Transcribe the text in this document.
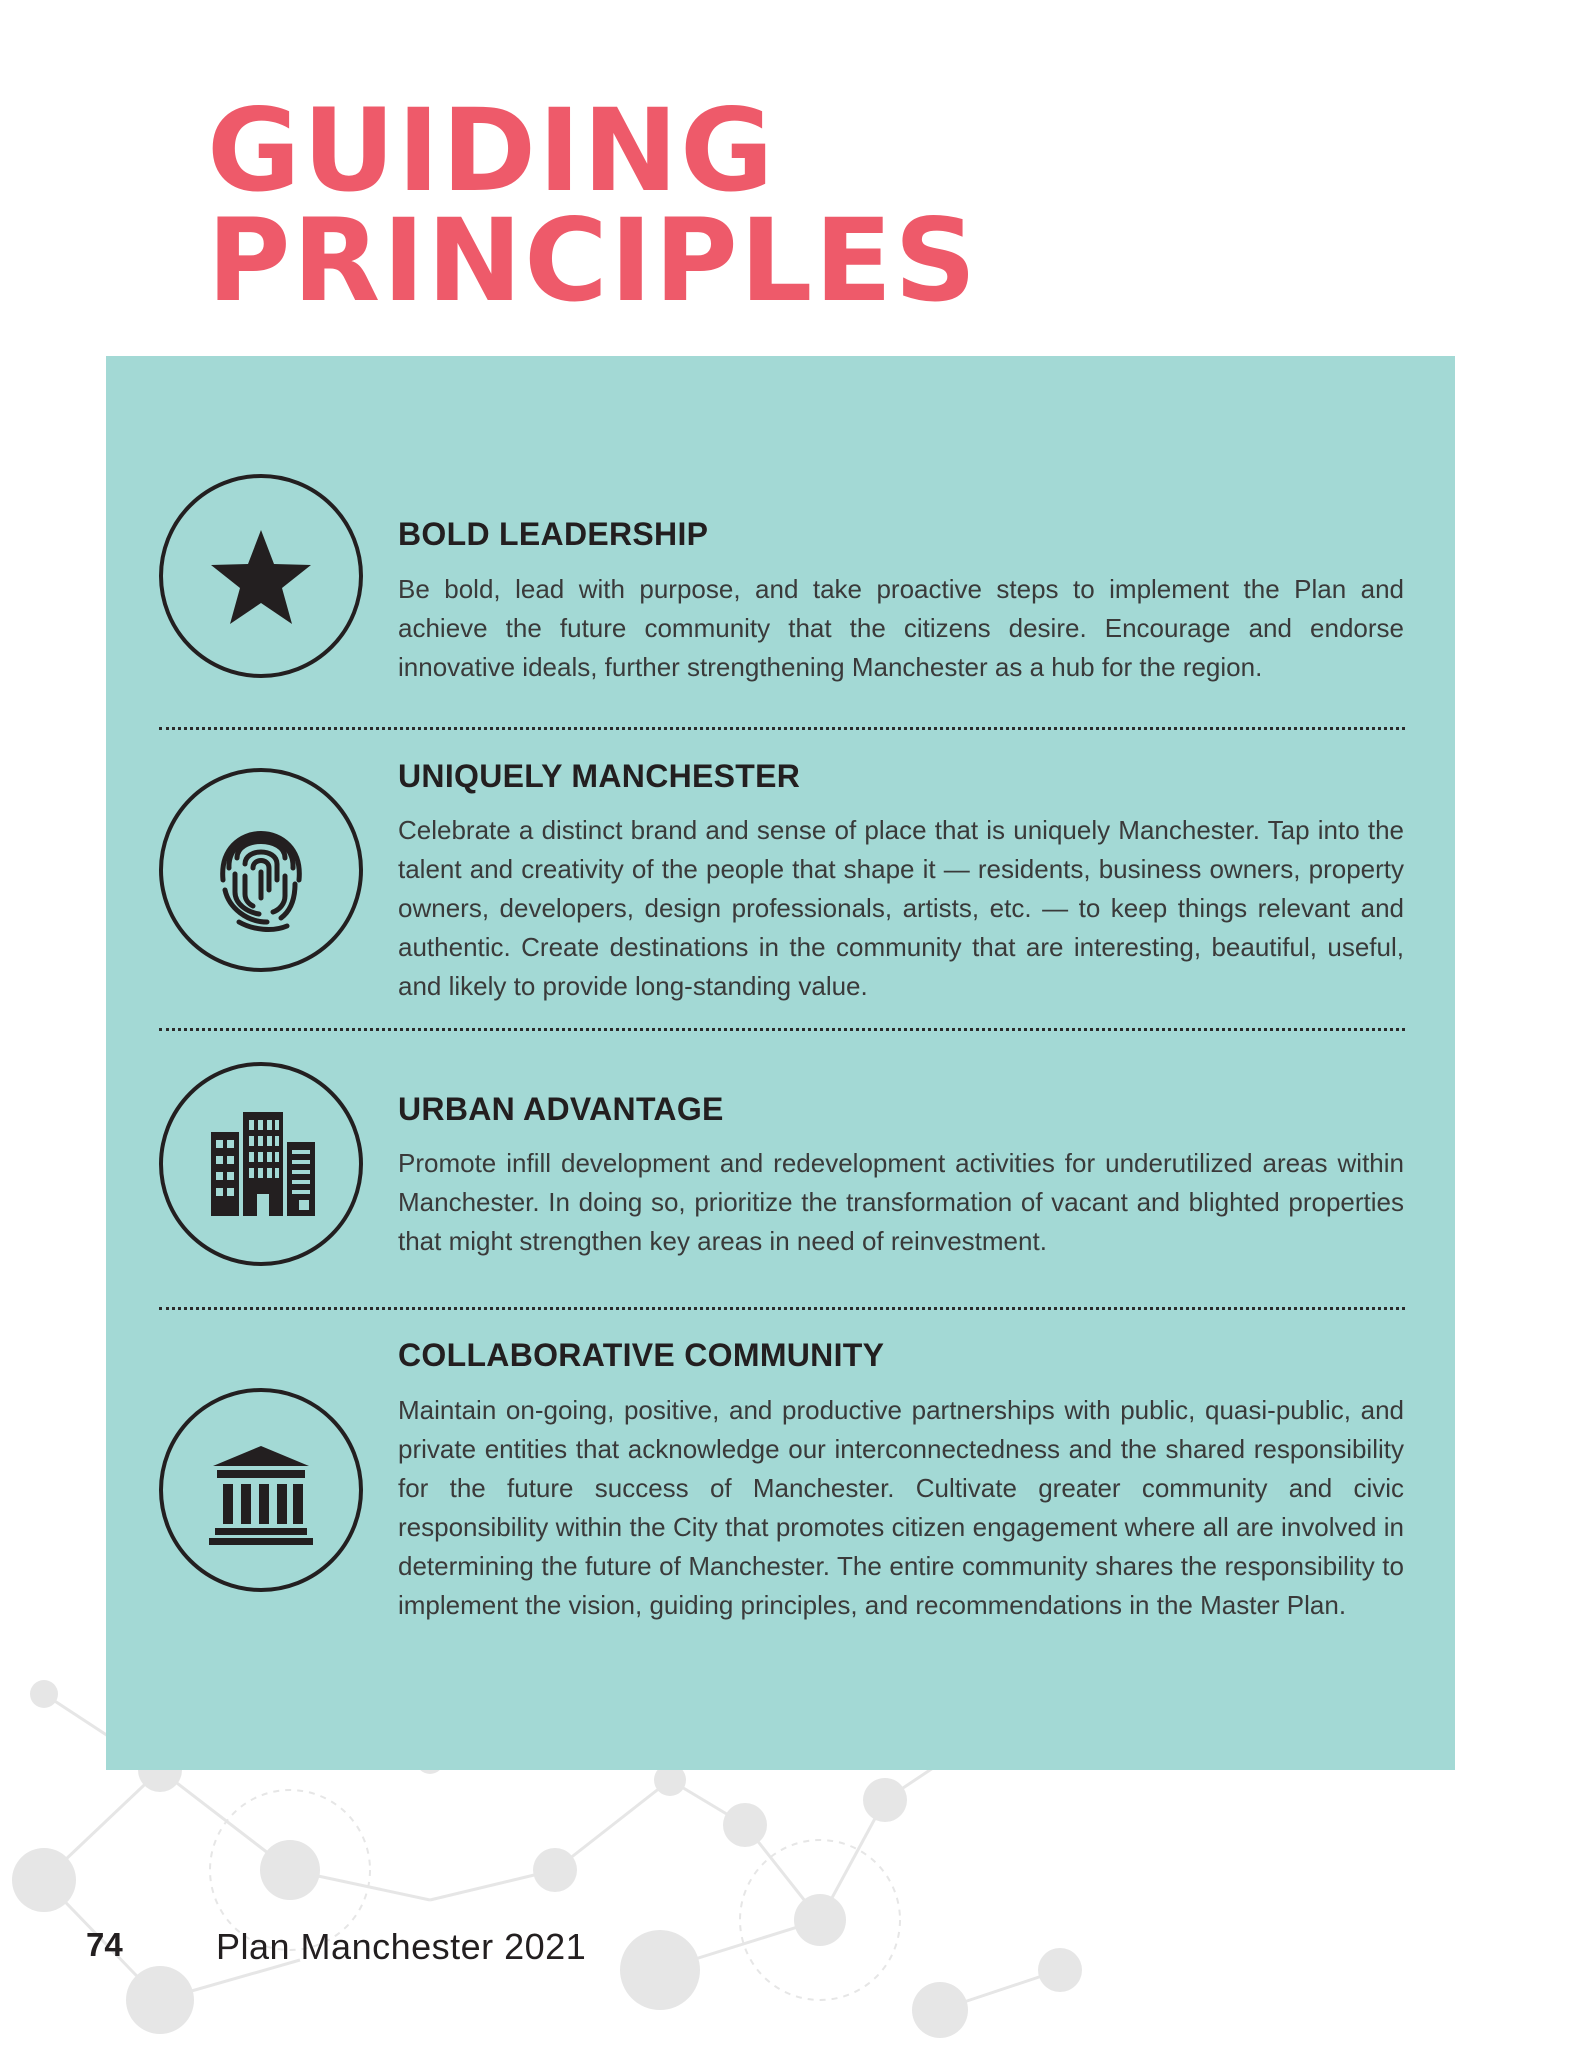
GUIDING
PRINCIPLES
BOLD LEADERSHIP

Be bold, lead with purpose, and take proactive steps to implement the Plan and achieve the future community that the citizens desire. Encourage and endorse innovative ideals, further strengthening Manchester as a hub for the region.

UNIQUELY MANCHESTER

Celebrate a distinct brand and sense of place that is uniquely Manchester. Tap into the talent and creativity of the people that shape it — residents, business owners, property owners, developers, design professionals, artists, etc. — to keep things relevant and authentic. Create destinations in the community that are interesting, beautiful, useful, and likely to provide long-standing value.

URBAN ADVANTAGE

Promote infill development and redevelopment activities for underutilized areas within Manchester. In doing so, prioritize the transformation of vacant and blighted properties that might strengthen key areas in need of reinvestment.

COLLABORATIVE COMMUNITY

Maintain on-going, positive, and productive partnerships with public, quasi-public, and private entities that acknowledge our interconnectedness and the shared responsibility for the future success of Manchester. Cultivate greater community and civic responsibility within the City that promotes citizen engagement where all are involved in determining the future of Manchester. The entire community shares the responsibility to implement the vision, guiding principles, and recommendations in the Master Plan.

74	Plan Manchester 2021
